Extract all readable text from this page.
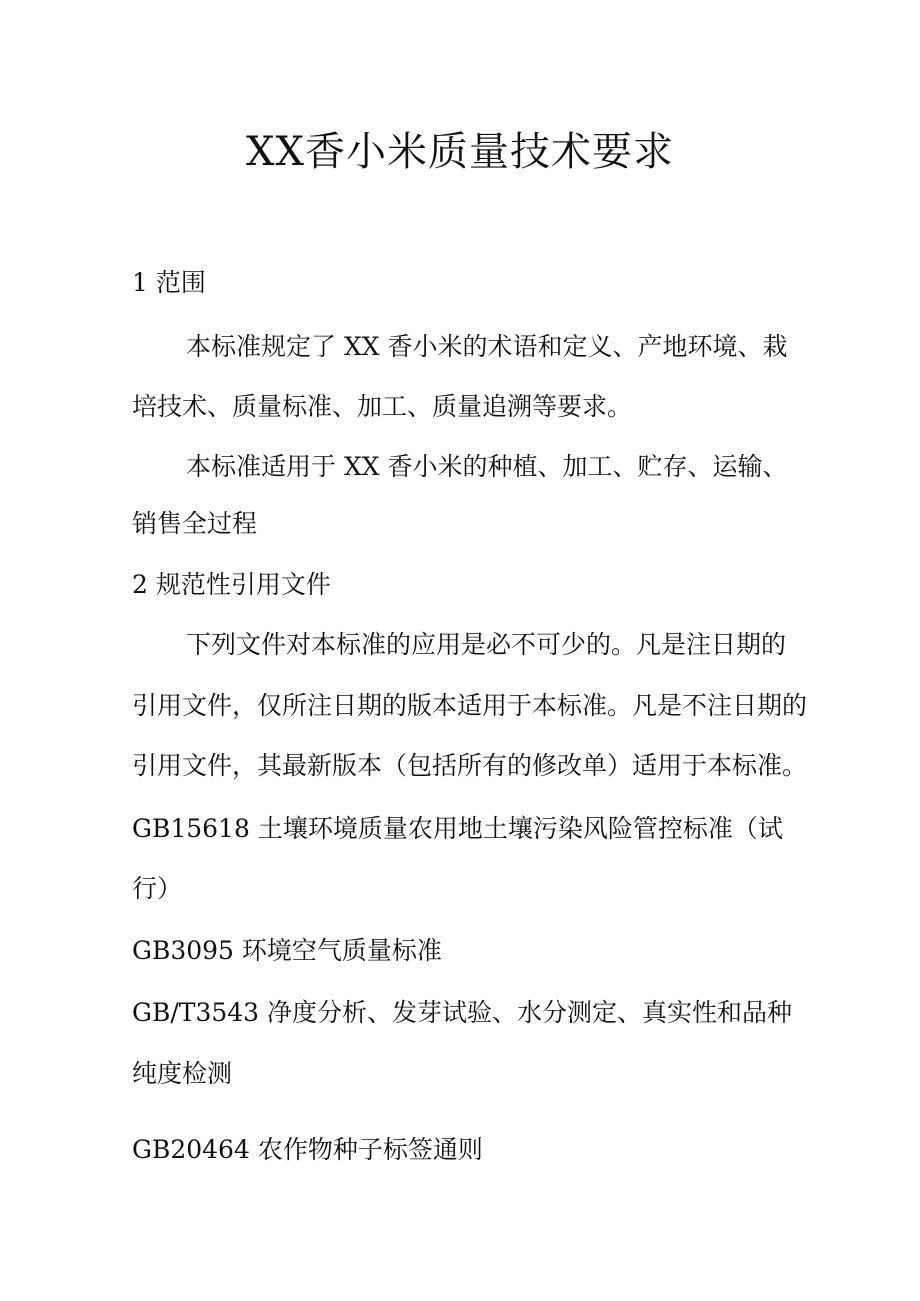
XX香小米质量技术要求

1 范围

本标准规定了 XX 香小米的术语和定义、产地环境、栽

培技术、质量标准、加工、质量追溯等要求。

本标准适用于 XX 香小米的种植、加工、贮存、运输、

销售全过程

2 规范性引用文件

下列文件对本标准的应用是必不可少的。凡是注日期的

引用文件，仅所注日期的版本适用于本标准。凡是不注日期的

引用文件，其最新版本（包括所有的修改单）适用于本标准。

GB15618 土壤环境质量农用地土壤污染风险管控标准（试

行）

GB3095 环境空气质量标准

GB/T3543 净度分析、发芽试验、水分测定、真实性和品种

纯度检测

GB20464 农作物种子标签通则
